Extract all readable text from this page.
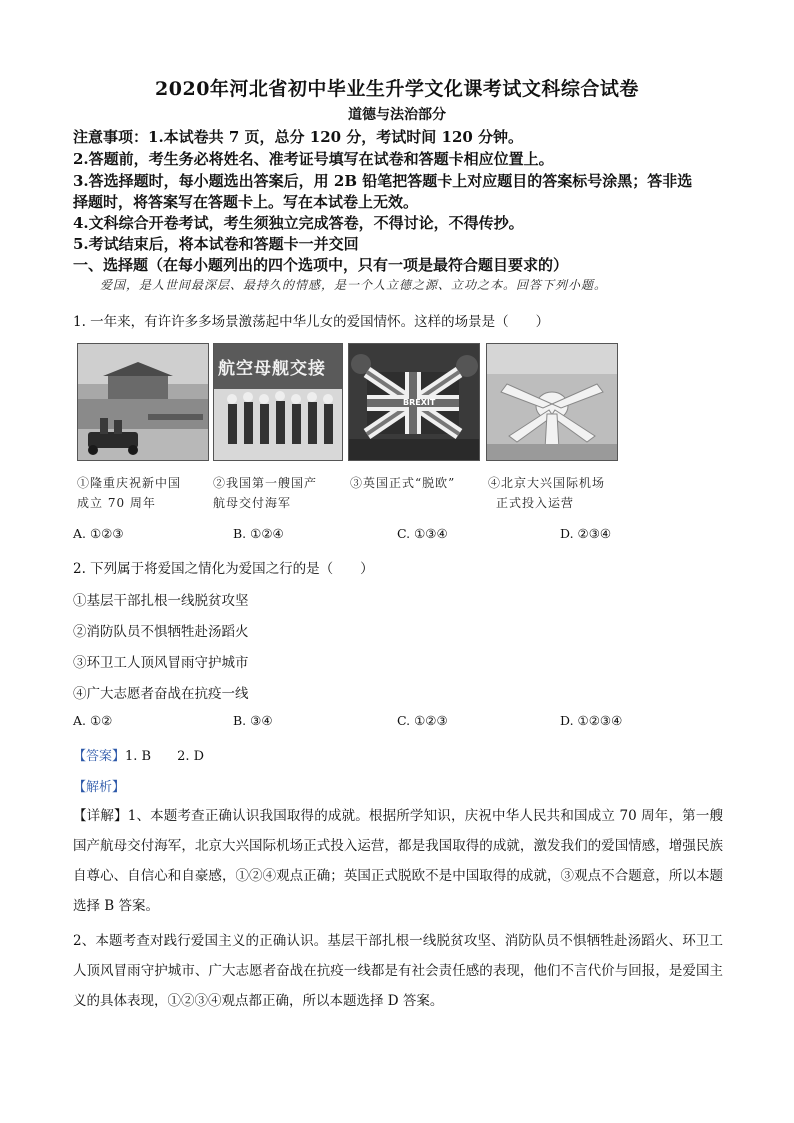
2020年河北省初中毕业生升学文化课考试文科综合试卷
道德与法治部分
注意事项：1.本试卷共 7 页，总分 120 分，考试时间 120 分钟。
2.答题前，考生务必将姓名、准考证号填写在试卷和答题卡相应位置上。
3.答选择题时，每小题选出答案后，用 2B 铅笔把答题卡上对应题目的答案标号涂黑；答非选
择题时，将答案写在答题卡上。写在本试卷上无效。
4.文科综合开卷考试，考生须独立完成答卷，不得讨论，不得传抄。
5.考试结束后，将本试卷和答题卡一并交回
一、选择题（在每小题列出的四个选项中，只有一项是最符合题目要求的）
爱国，是人世间最深层、最持久的情感，是一个人立德之源、立功之本。回答下列小题。
1. 一年来，有许许多多场景激荡起中华儿女的爱国情怀。这样的场景是（　　）
航空母舰交接
BREXIT
①隆重庆祝新中国
成立 70 周年
②我国第一艘国产
航母交付海军
③英国正式“脱欧”	④北京大兴国际机场
正式投入运营
A. ①②③	B. ①②④	C. ①③④	D. ②③④
2. 下列属于将爱国之情化为爱国之行的是（　　）
①基层干部扎根一线脱贫攻坚
②消防队员不惧牺牲赴汤蹈火
③环卫工人顶风冒雨守护城市
④广大志愿者奋战在抗疫一线
A. ①②	B. ③④	C. ①②③	D. ①②③④
【答案】1. B　　2. D
【解析】
【详解】1、本题考查正确认识我国取得的成就。根据所学知识，庆祝中华人民共和国成立 70 周年，第一艘国产航母交付海军，北京大兴国际机场正式投入运营，都是我国取得的成就，激发我们的爱国情感，增强民族自尊心、自信心和自豪感，①②④观点正确；英国正式脱欧不是中国取得的成就，③观点不合题意，所以本题选择 B 答案。
2、本题考查对践行爱国主义的正确认识。基层干部扎根一线脱贫攻坚、消防队员不惧牺牲赴汤蹈火、环卫工人顶风冒雨守护城市、广大志愿者奋战在抗疫一线都是有社会责任感的表现，他们不言代价与回报，是爱国主义的具体表现，①②③④观点都正确，所以本题选择 D 答案。
